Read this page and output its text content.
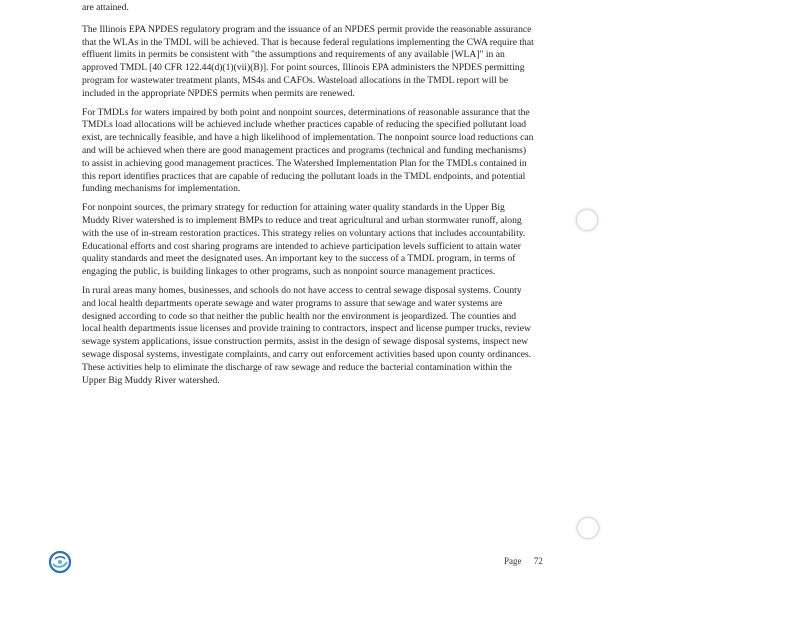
are attained.

The Illinois EPA NPDES regulatory program and the issuance of an NPDES permit provide the reasonable assurance that the WLAs in the TMDL will be achieved. That is because federal regulations implementing the CWA require that effluent limits in permits be consistent with "the assumptions and requirements of any available [WLA]" in an approved TMDL [40 CFR 122.44(d)(1)(vii)(B)]. For point sources, Illinois EPA administers the NPDES permitting program for wastewater treatment plants, MS4s and CAFOs. Wasteload allocations in the TMDL report will be included in the appropriate NPDES permits when permits are renewed.

For TMDLs for waters impaired by both point and nonpoint sources, determinations of reasonable assurance that the TMDLs load allocations will be achieved include whether practices capable of reducing the specified pollutant load exist, are technically feasible, and have a high likelihood of implementation. The nonpoint source load reductions can and will be achieved when there are good management practices and programs (technical and funding mechanisms) to assist in achieving good management practices. The Watershed Implementation Plan for the TMDLs contained in this report identifies practices that are capable of reducing the pollutant loads in the TMDL endpoints, and potential funding mechanisms for implementation.

For nonpoint sources, the primary strategy for reduction for attaining water quality standards in the Upper Big Muddy River watershed is to implement BMPs to reduce and treat agricultural and urban stormwater runoff, along with the use of in-stream restoration practices. This strategy relies on voluntary actions that includes accountability. Educational efforts and cost sharing programs are intended to achieve participation levels sufficient to attain water quality standards and meet the designated uses. An important key to the success of a TMDL program, in terms of engaging the public, is building linkages to other programs, such as nonpoint source management practices.

In rural areas many homes, businesses, and schools do not have access to central sewage disposal systems. County and local health departments operate sewage and water programs to assure that sewage and water systems are designed according to code so that neither the public health nor the environment is jeopardized. The counties and local health departments issue licenses and provide training to contractors, inspect and license pumper trucks, review sewage system applications, issue construction permits, assist in the design of sewage disposal systems, inspect new sewage disposal systems, investigate complaints, and carry out enforcement activities based upon county ordinances. These activities help to eliminate the discharge of raw sewage and reduce the bacterial contamination within the Upper Big Muddy River watershed.

Page 72
